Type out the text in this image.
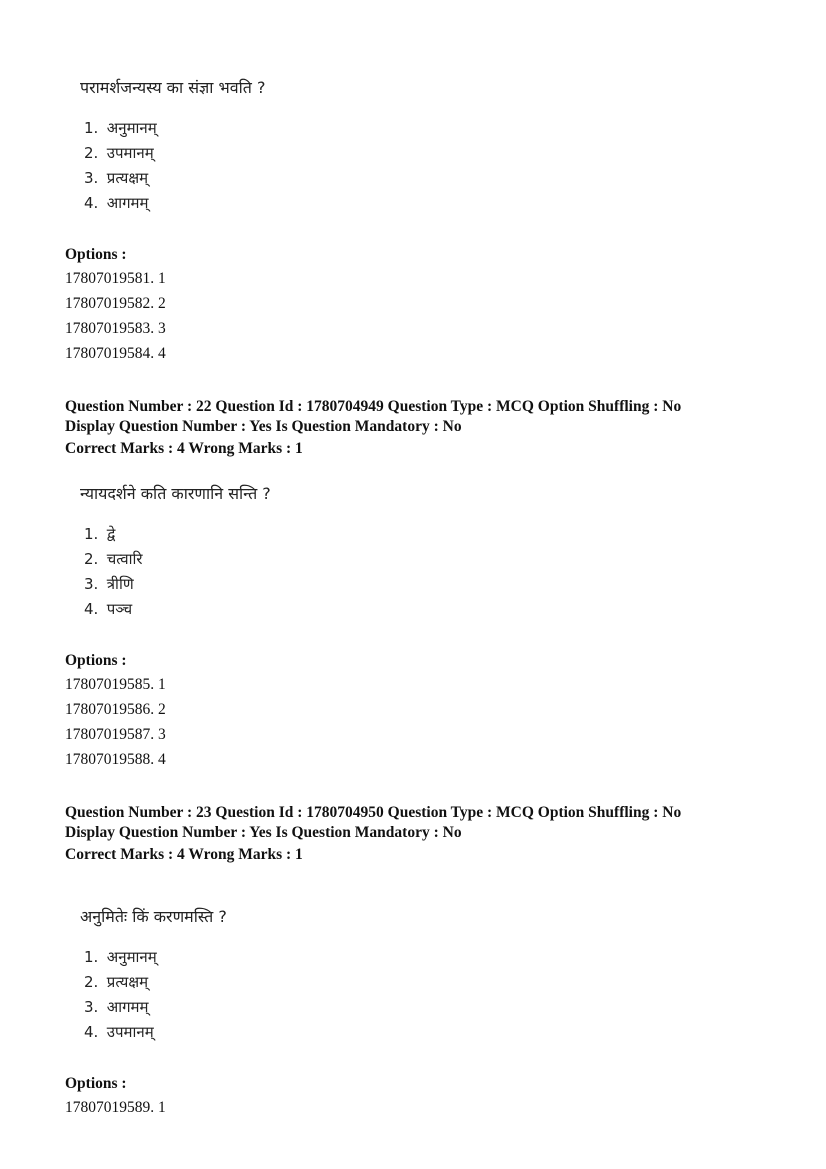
परामर्शजन्यस्य का संज्ञा भवति ?
1. अनुमानम्
2. उपमानम्
3. प्रत्यक्षम्
4. आगमम्
Options :
17807019581. 1
17807019582. 2
17807019583. 3
17807019584. 4
Question Number : 22 Question Id : 1780704949 Question Type : MCQ Option Shuffling : No
Display Question Number : Yes Is Question Mandatory : No
Correct Marks : 4 Wrong Marks : 1
न्यायदर्शने कति कारणानि सन्ति ?
1. द्वे
2. चत्वारि
3. त्रीणि
4. पञ्च
Options :
17807019585. 1
17807019586. 2
17807019587. 3
17807019588. 4
Question Number : 23 Question Id : 1780704950 Question Type : MCQ Option Shuffling : No
Display Question Number : Yes Is Question Mandatory : No
Correct Marks : 4 Wrong Marks : 1
अनुमितेः किं करणमस्ति ?
1. अनुमानम्
2. प्रत्यक्षम्
3. आगमम्
4. उपमानम्
Options :
17807019589. 1
